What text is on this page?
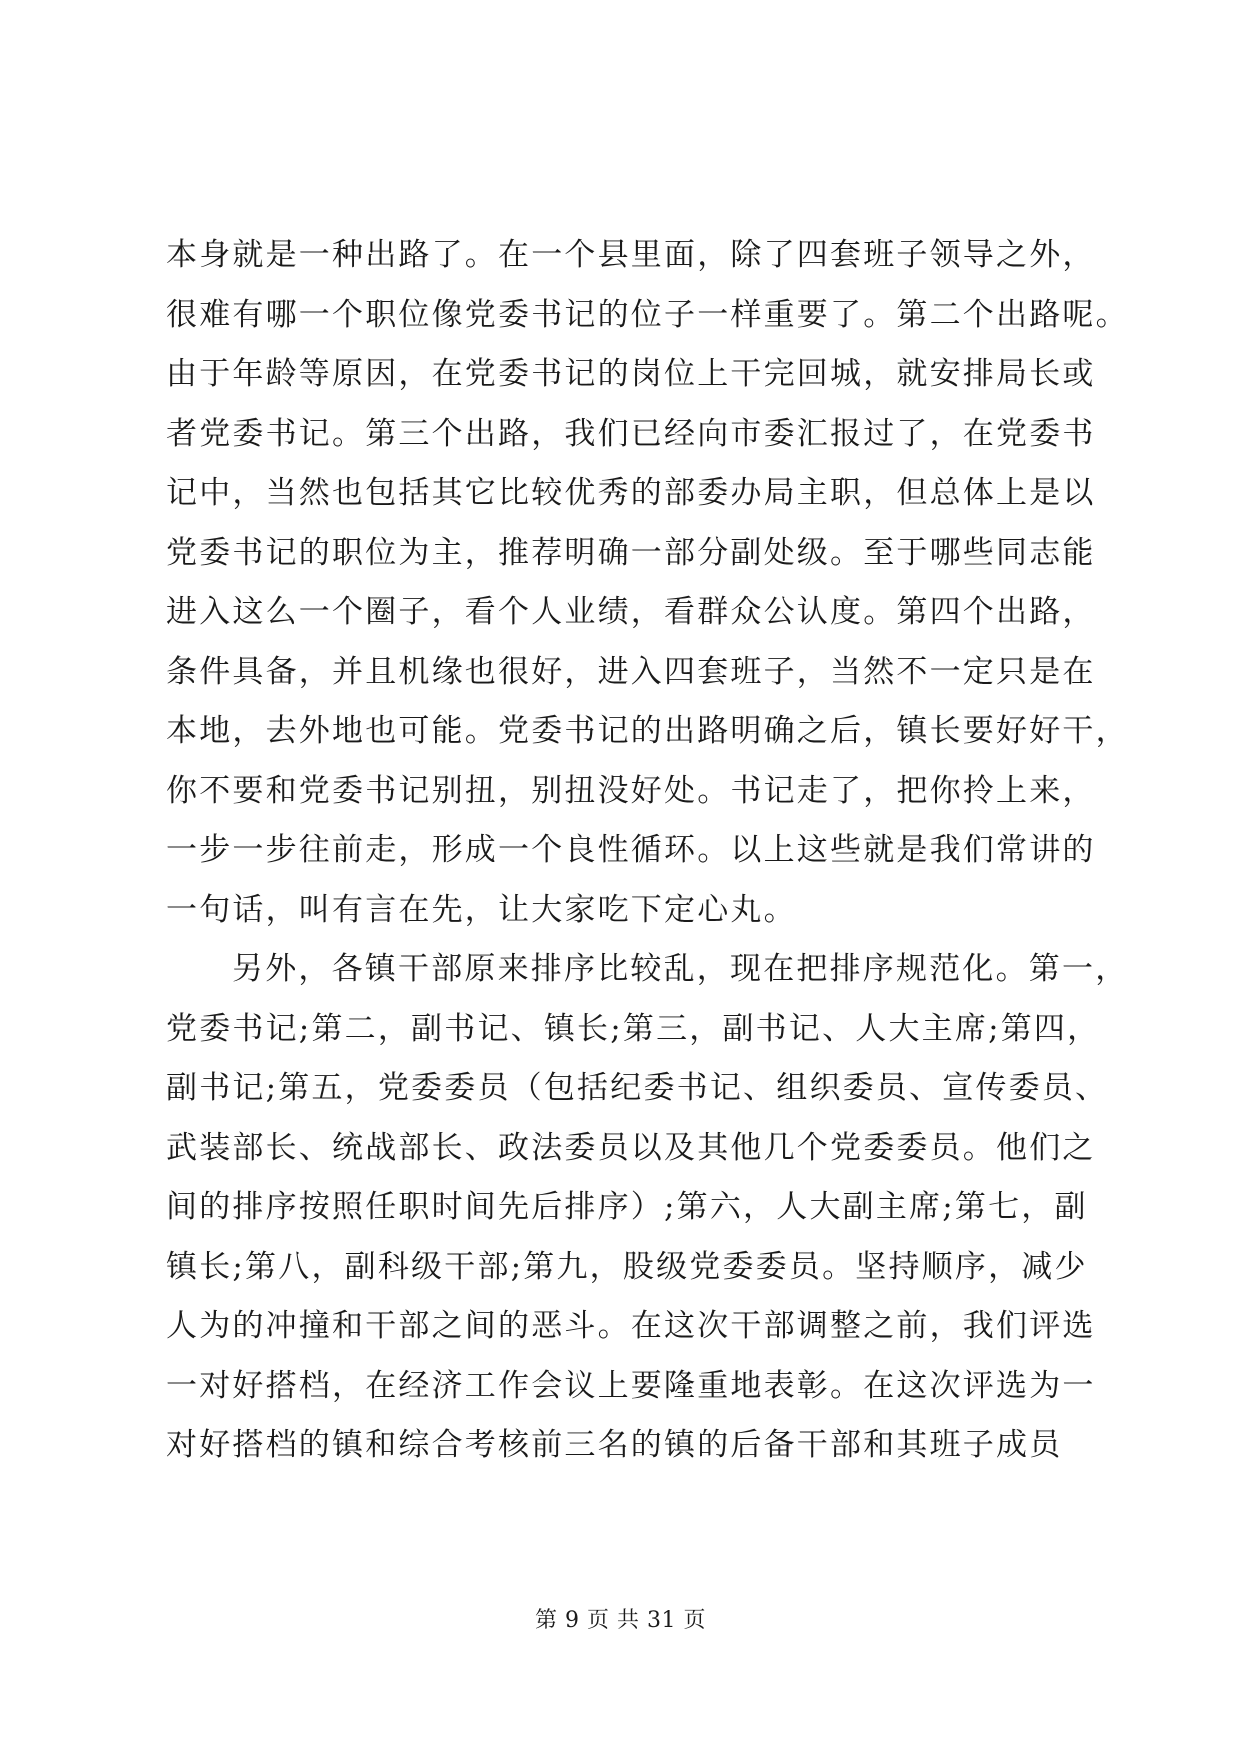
本身就是一种出路了。在一个县里面，除了四套班子领导之外，
很难有哪一个职位像党委书记的位子一样重要了。第二个出路呢。
由于年龄等原因，在党委书记的岗位上干完回城，就安排局长或
者党委书记。第三个出路，我们已经向市委汇报过了，在党委书
记中，当然也包括其它比较优秀的部委办局主职，但总体上是以
党委书记的职位为主，推荐明确一部分副处级。至于哪些同志能
进入这么一个圈子，看个人业绩，看群众公认度。第四个出路，
条件具备，并且机缘也很好，进入四套班子，当然不一定只是在
本地，去外地也可能。党委书记的出路明确之后，镇长要好好干，
你不要和党委书记别扭，别扭没好处。书记走了，把你拎上来，
一步一步往前走，形成一个良性循环。以上这些就是我们常讲的
一句话，叫有言在先，让大家吃下定心丸。
另外，各镇干部原来排序比较乱，现在把排序规范化。第一，
党委书记;第二，副书记、镇长;第三，副书记、人大主席;第四，
副书记;第五，党委委员（包括纪委书记、组织委员、宣传委员、
武装部长、统战部长、政法委员以及其他几个党委委员。他们之
间的排序按照任职时间先后排序）;第六，人大副主席;第七，副
镇长;第八，副科级干部;第九，股级党委委员。坚持顺序，减少
人为的冲撞和干部之间的恶斗。在这次干部调整之前，我们评选
一对好搭档，在经济工作会议上要隆重地表彰。在这次评选为一
对好搭档的镇和综合考核前三名的镇的后备干部和其班子成员
第 9 页 共 31 页
